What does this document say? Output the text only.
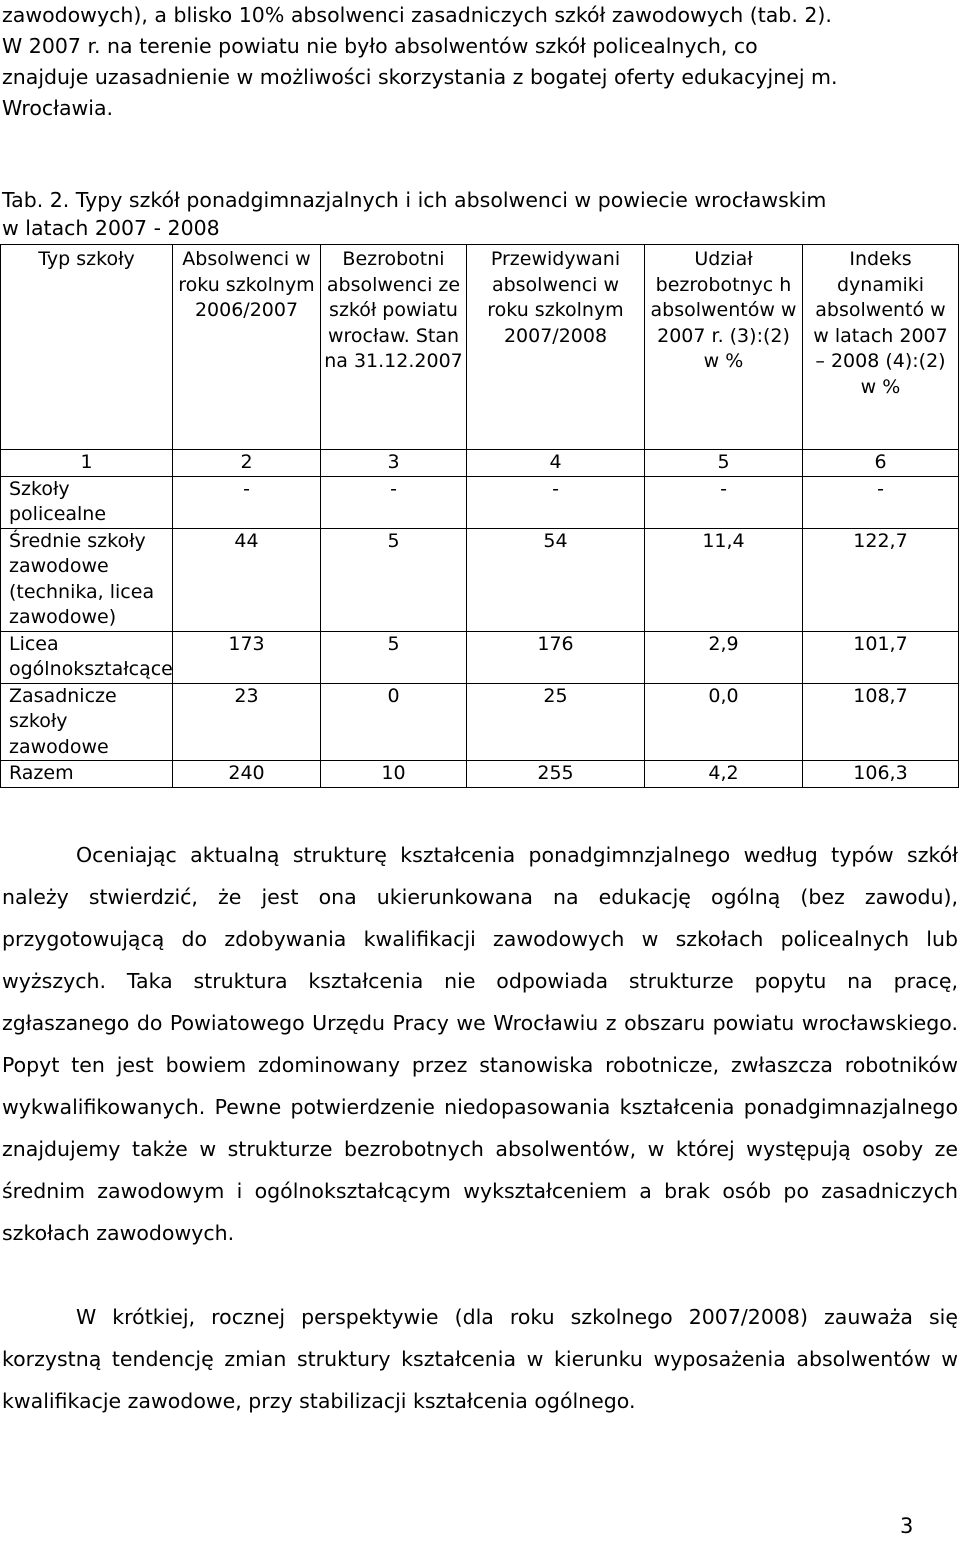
zawodowych), a blisko 10% absolwenci zasadniczych szkół zawodowych (tab. 2).
W 2007 r. na terenie powiatu nie było absolwentów szkół policealnych, co
znajduje uzasadnienie w możliwości skorzystania z bogatej oferty edukacyjnej m.
Wrocławia.
Tab. 2. Typy szkół ponadgimnazjalnych i ich absolwenci w powiecie wrocławskim
w latach 2007 - 2008
Typ szkoły	Absolwenci w roku szkolnym 2006/2007	Bezrobotni absolwenci ze szkół powiatu wrocław. Stan na 31.12.2007	Przewidywani absolwenci w roku szkolnym 2007/2008	Udział bezrobotnyc h absolwentów w 2007 r. (3):(2) w %	Indeks dynamiki absolwentó w w latach 2007 – 2008 (4):(2) w %
1	2	3	4	5	6
Szkoły policealne	-	-	-	-	-
Średnie szkoły zawodowe (technika, licea zawodowe)	44	5	54	11,4	122,7
Licea ogólnokształcące	173	5	176	2,9	101,7
Zasadnicze szkoły zawodowe	23	0	25	0,0	108,7
Razem	240	10	255	4,2	106,3

Oceniając aktualną strukturę kształcenia ponadgimnzjalnego według typów szkół należy stwierdzić, że jest ona ukierunkowana na edukację ogólną (bez zawodu), przygotowującą do zdobywania kwalifikacji zawodowych w szkołach policealnych lub wyższych. Taka struktura kształcenia nie odpowiada strukturze popytu na pracę, zgłaszanego do Powiatowego Urzędu Pracy we Wrocławiu z obszaru powiatu wrocławskiego. Popyt ten jest bowiem zdominowany przez stanowiska robotnicze, zwłaszcza robotników wykwalifikowanych. Pewne potwierdzenie niedopasowania kształcenia ponadgimnazjalnego znajdujemy także w strukturze bezrobotnych absolwentów, w której występują osoby ze średnim zawodowym i ogólnokształcącym wykształceniem a brak osób po zasadniczych szkołach zawodowych.

W krótkiej, rocznej perspektywie (dla roku szkolnego 2007/2008) zauważa się korzystną tendencję zmian struktury kształcenia w kierunku wyposażenia absolwentów w kwalifikacje zawodowe, przy stabilizacji kształcenia ogólnego.

3
